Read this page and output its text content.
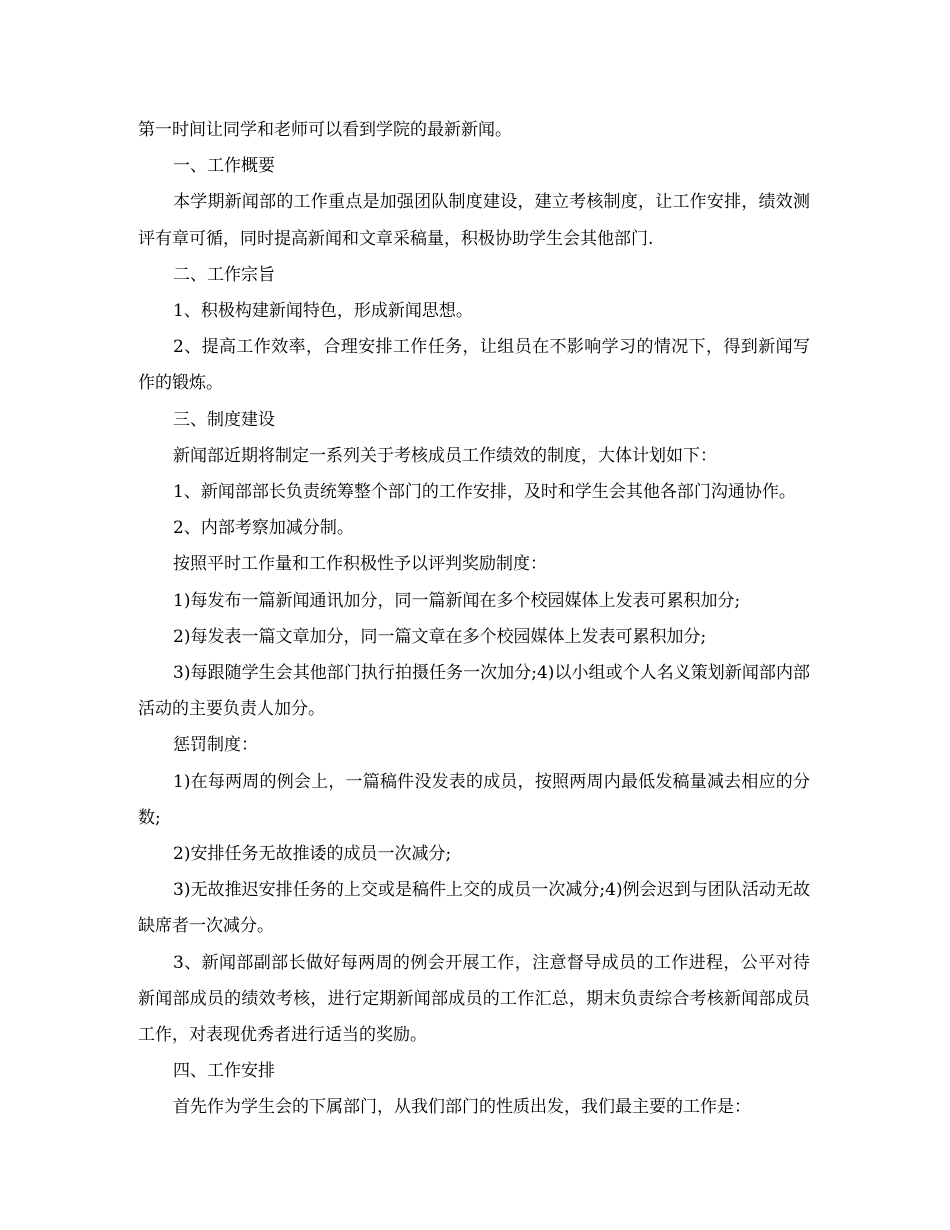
第一时间让同学和老师可以看到学院的最新新闻。

一、工作概要

本学期新闻部的工作重点是加强团队制度建设，建立考核制度，让工作安排，绩效测评有章可循，同时提高新闻和文章采稿量，积极协助学生会其他部门.

二、工作宗旨

1、积极构建新闻特色，形成新闻思想。

2、提高工作效率，合理安排工作任务，让组员在不影响学习的情况下，得到新闻写作的锻炼。

三、制度建设

新闻部近期将制定一系列关于考核成员工作绩效的制度，大体计划如下：

1、新闻部部长负责统筹整个部门的工作安排，及时和学生会其他各部门沟通协作。

2、内部考察加减分制。

按照平时工作量和工作积极性予以评判奖励制度：

1)每发布一篇新闻通讯加分，同一篇新闻在多个校园媒体上发表可累积加分;

2)每发表一篇文章加分，同一篇文章在多个校园媒体上发表可累积加分;

3)每跟随学生会其他部门执行拍摄任务一次加分;4)以小组或个人名义策划新闻部内部活动的主要负责人加分。

惩罚制度：

1)在每两周的例会上，一篇稿件没发表的成员，按照两周内最低发稿量减去相应的分数;

2)安排任务无故推诿的成员一次减分;

3)无故推迟安排任务的上交或是稿件上交的成员一次减分;4)例会迟到与团队活动无故缺席者一次减分。

3、新闻部副部长做好每两周的例会开展工作，注意督导成员的工作进程，公平对待新闻部成员的绩效考核，进行定期新闻部成员的工作汇总，期末负责综合考核新闻部成员工作，对表现优秀者进行适当的奖励。

四、工作安排

首先作为学生会的下属部门，从我们部门的性质出发，我们最主要的工作是：
